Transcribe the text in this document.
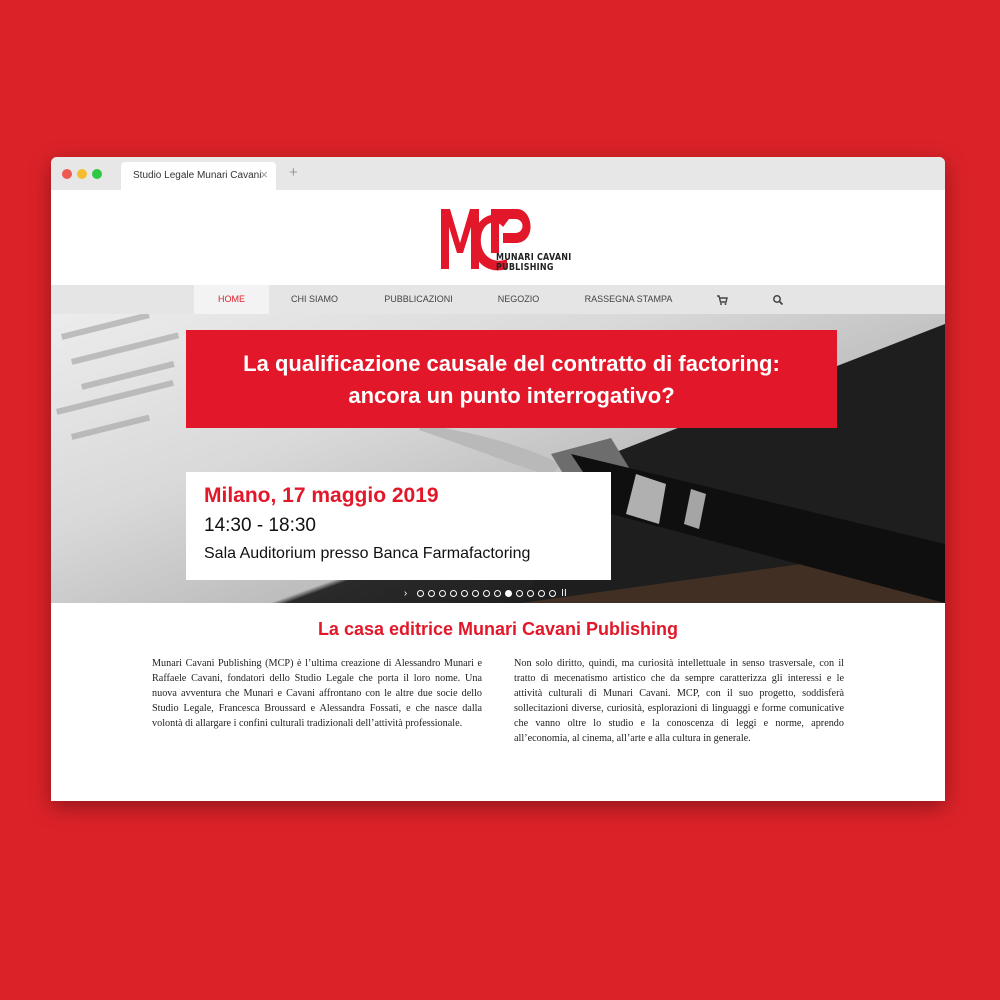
Studio Legale Munari Cavani
× +
MUNARI CAVANI
PUBLISHING
HOME	CHI SIAMO	PUBBLICAZIONI	NEGOZIO	RASSEGNA STAMPA
La qualificazione causale del contratto di factoring:
ancora un punto interrogativo?
Milano, 17 maggio 2019
14:30 - 18:30
Sala Auditorium presso Banca Farmafactoring
›	II
La casa editrice Munari Cavani Publishing
Munari Cavani Publishing (MCP) è l’ultima creazione di Alessandro Munari e Raffaele Cavani, fondatori dello Studio Legale che porta il loro nome. Una nuova avventura che Munari e Cavani affrontano con le altre due socie dello Studio Legale, Francesca Broussard e Alessandra Fossati, e che nasce dalla volontà di allargare i confini culturali tradizionali dell’attività professionale.
Non solo diritto, quindi, ma curiosità intellettuale in senso trasversale, con il tratto di mecenatismo artistico che da sempre caratterizza gli interessi e le attività culturali di Munari Cavani. MCP, con il suo progetto, soddisferà sollecitazioni diverse, curiosità, esplorazioni di linguaggi e forme comunicative che vanno oltre lo studio e la conoscenza di leggi e norme, aprendo all’economia, al cinema, all’arte e alla cultura in generale.
